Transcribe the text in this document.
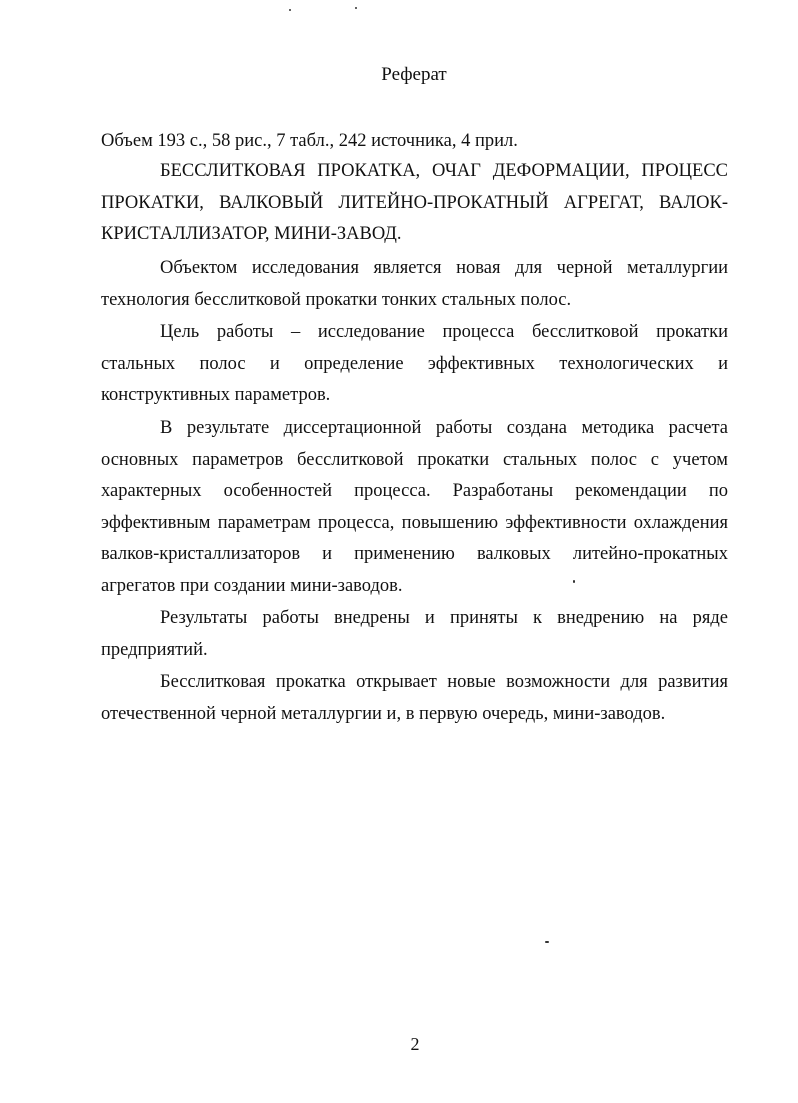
Реферат
Объем 193 с., 58 рис., 7 табл., 242 источника, 4 прил.
БЕССЛИТКОВАЯ ПРОКАТКА, ОЧАГ ДЕФОРМАЦИИ, ПРОЦЕСС ПРОКАТКИ, ВАЛКОВЫЙ ЛИТЕЙНО-ПРОКАТНЫЙ АГРЕГАТ, ВАЛОК-КРИСТАЛЛИЗАТОР, МИНИ-ЗАВОД.
Объектом исследования является новая для черной металлургии технология бесслитковой прокатки тонких стальных полос.
Цель работы – исследование процесса бесслитковой прокатки стальных полос и определение эффективных технологических и конструктивных параметров.
В результате диссертационной работы создана методика расчета основных параметров бесслитковой прокатки стальных полос с учетом характерных особенностей процесса. Разработаны рекомендации по эффективным параметрам процесса, повышению эффективности охлаждения валков-кристаллизаторов и применению валковых литейно-прокатных агрегатов при создании мини-заводов.
Результаты работы внедрены и приняты к внедрению на ряде предприятий.
Бесслитковая прокатка открывает новые возможности для развития отечественной черной металлургии и, в первую очередь, мини-заводов.
2
